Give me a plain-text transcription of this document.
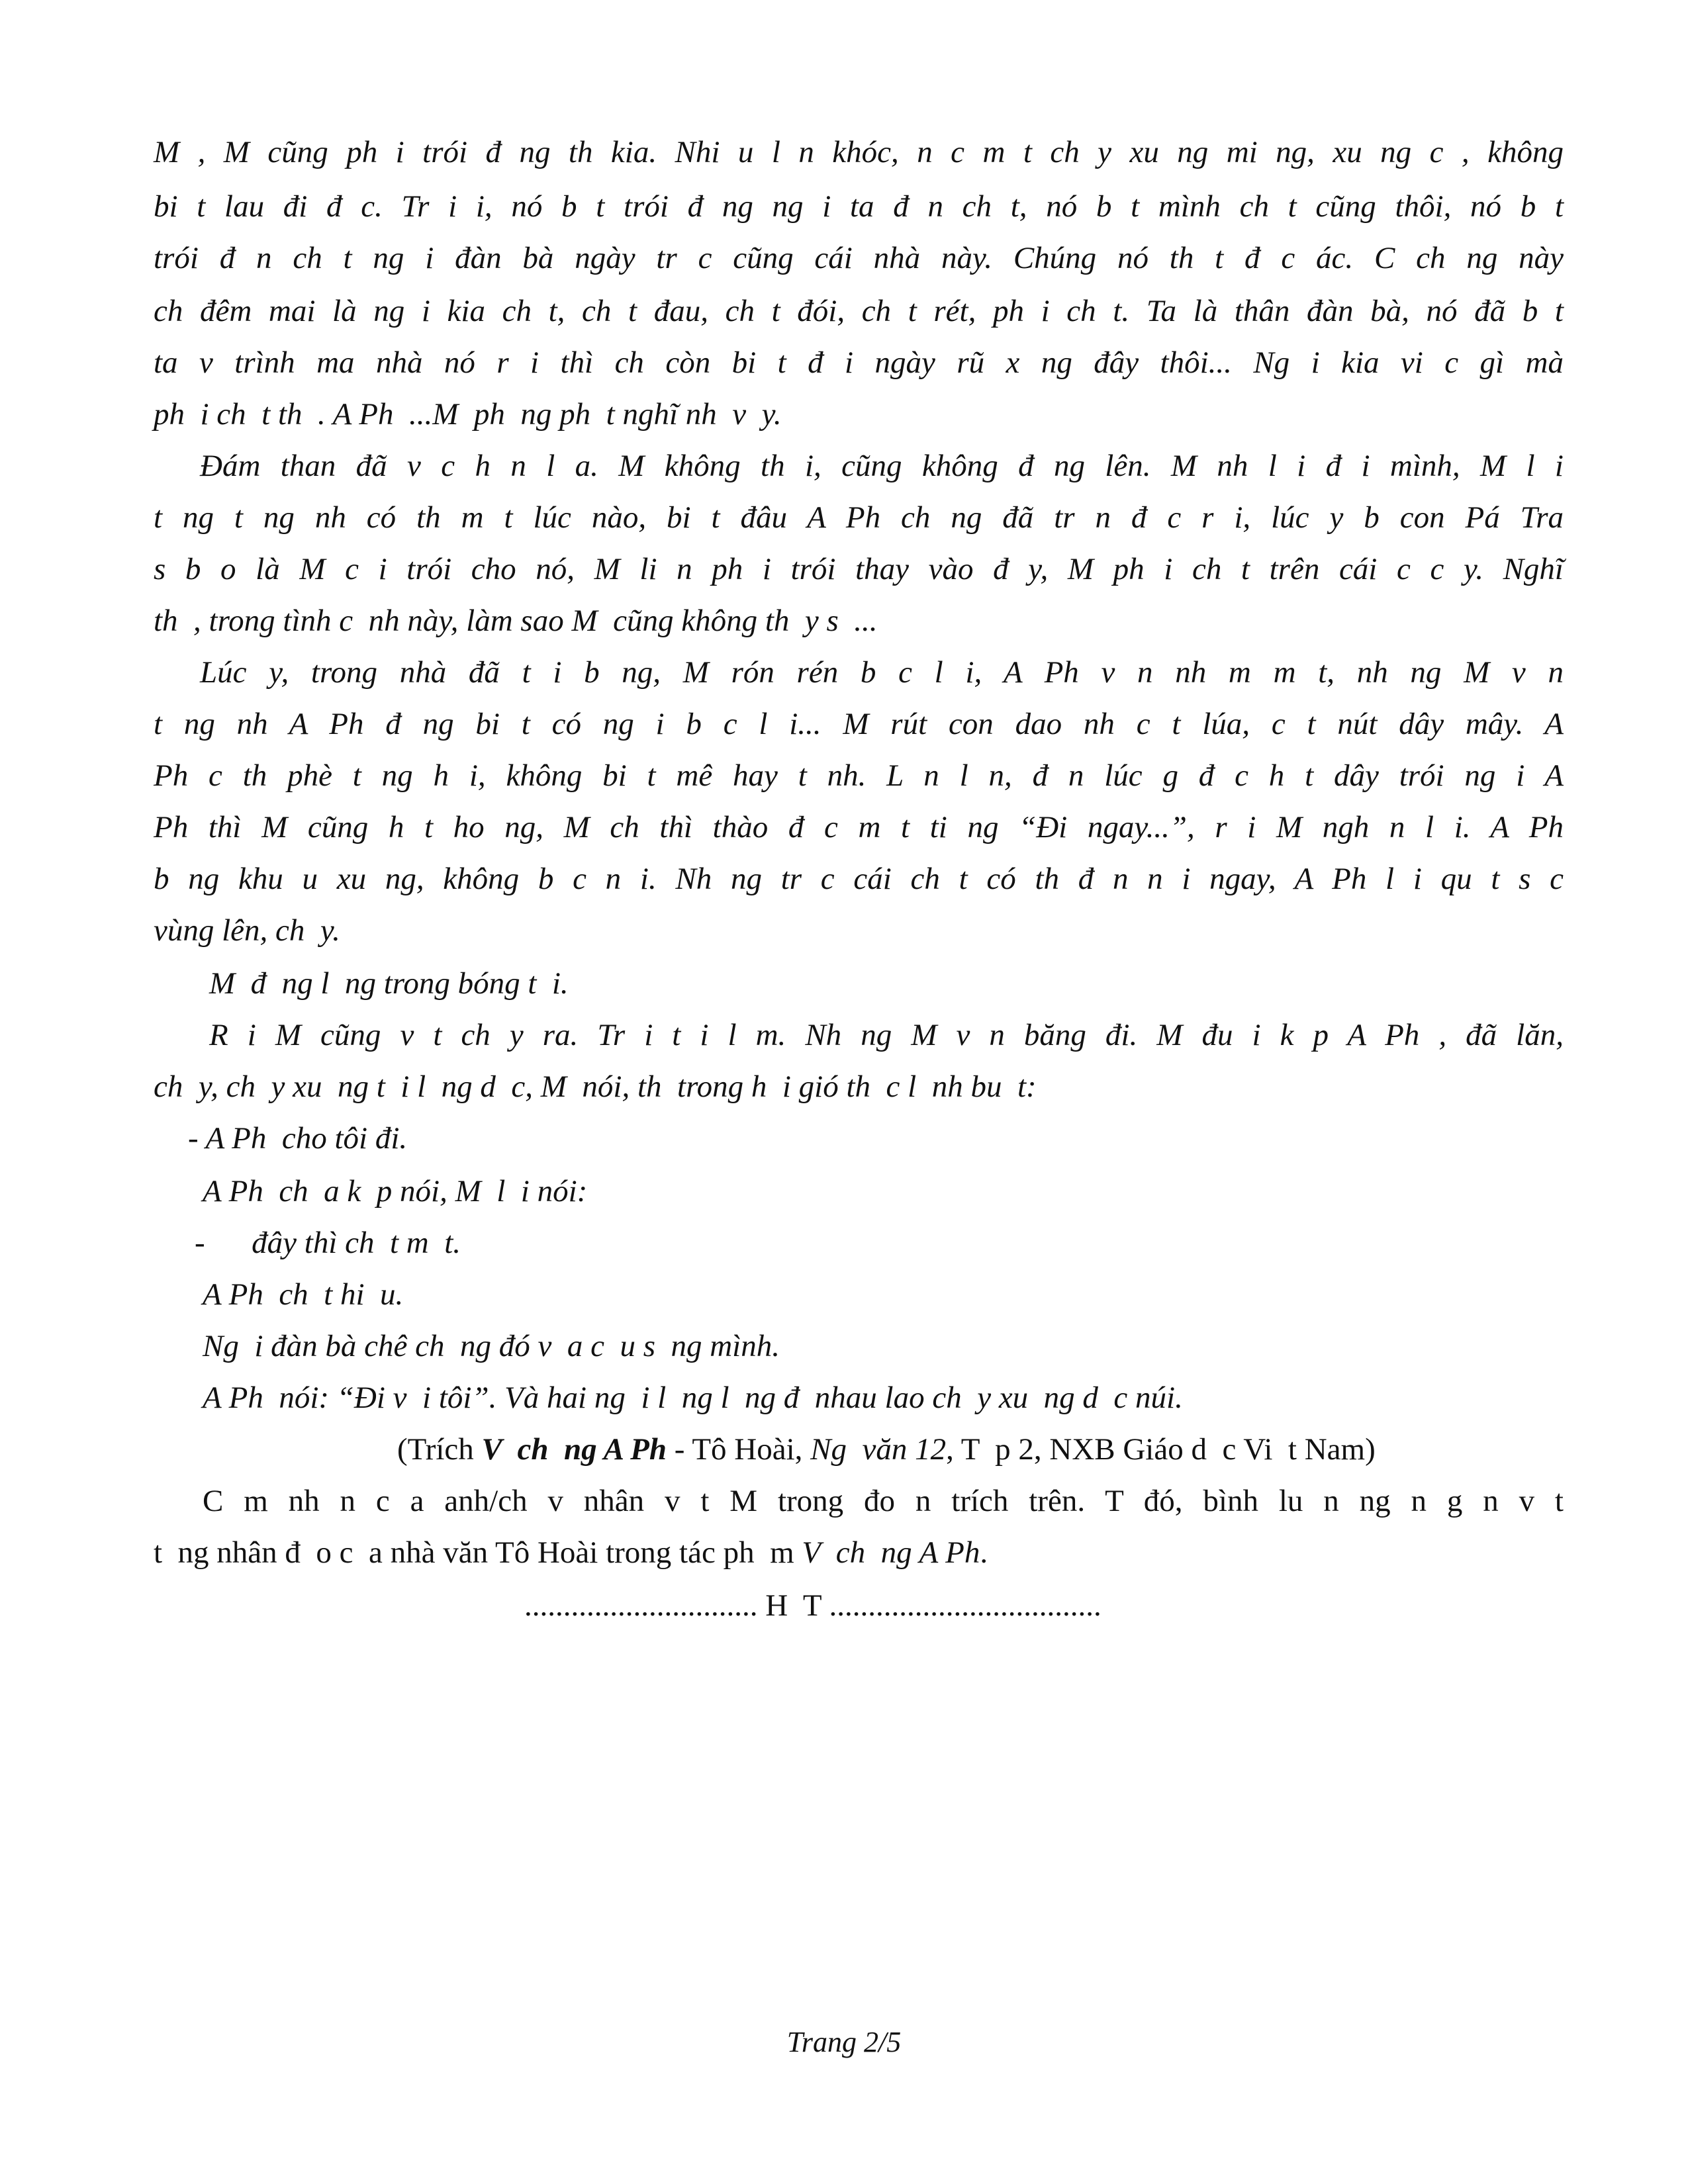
M , M cũng ph i trói đ ng th kia. Nhi u l n khóc, n c m t ch y xu ng mi ng, xu ng c , không
bi t lau đi đ c. Tr i i, nó b t trói đ ng ng i ta đ n ch t, nó b t mình ch t cũng thôi, nó b t
trói đ n ch t ng i đàn bà ngày tr c cũng cái nhà này. Chúng nó th t đ c ác. C ch ng này
ch đêm mai là ng i kia ch t, ch t đau, ch t đói, ch t rét, ph i ch t. Ta là thân đàn bà, nó đã b t
ta v trình ma nhà nó r i thì ch còn bi t đ i ngày rũ x ng đây thôi... Ng i kia vi c gì mà
ph  i ch  t th  . A Ph  ...M  ph  ng ph  t nghĩ nh  v  y.
Đám than đã v c h n l a. M không th i, cũng không đ ng lên. M nh l i đ i mình, M l i
t ng t ng nh có th m t lúc nào, bi t đâu A Ph ch ng đã tr n đ c r i, lúc y b con Pá Tra
s b o là M c i trói cho nó, M li n ph i trói thay vào đ y, M ph i ch t trên cái c c y. Nghĩ
th  , trong tình c  nh này, làm sao M  cũng không th  y s  ...
Lúc y, trong nhà đã t i b ng, M rón rén b c l i, A Ph v n nh m m t, nh ng M v n
t ng nh A Ph đ ng bi t có ng i b c l i... M rút con dao nh c t lúa, c t nút dây mây. A
Ph c th phè t ng h i, không bi t mê hay t nh. L n l n, đ n lúc g đ c h t dây trói ng i A
Ph thì M cũng h t ho ng, M ch thì thào đ c m t ti ng “Đi ngay...”, r i M ngh n l i. A Ph
b ng khu u xu ng, không b c n i. Nh ng tr c cái ch t có th đ n n i ngay, A Ph l i qu t s c
vùng lên, ch  y.
M  đ  ng l  ng trong bóng t  i.
R i M cũng v t ch y ra. Tr i t i l m. Nh ng M v n băng đi. M đu i k p A Ph , đã lăn,
ch  y, ch  y xu  ng t  i l  ng d  c, M  nói, th  trong h  i gió th  c l  nh bu  t:
- A Ph  cho tôi đi.
A Ph  ch  a k  p nói, M  l  i nói:
-      đây thì ch  t m  t.
A Ph  ch  t hi  u.
Ng  i đàn bà chê ch  ng đó v  a c  u s  ng mình.
A Ph  nói: “Đi v  i tôi”. Và hai ng  i l  ng l  ng đ  nhau lao ch  y xu  ng d  c núi.
(Trích V  ch  ng A Ph - Tô Hoài, Ng  văn 12, T  p 2, NXB Giáo d  c Vi  t Nam)
C m nh n c a anh/ch v nhân v t M trong đo n trích trên. T đó, bình lu n ng n g n v t
t  ng nhân đ  o c  a nhà văn Tô Hoài trong tác ph  m V  ch  ng A Ph.
.............................. H  T ...................................
Trang 2/5
